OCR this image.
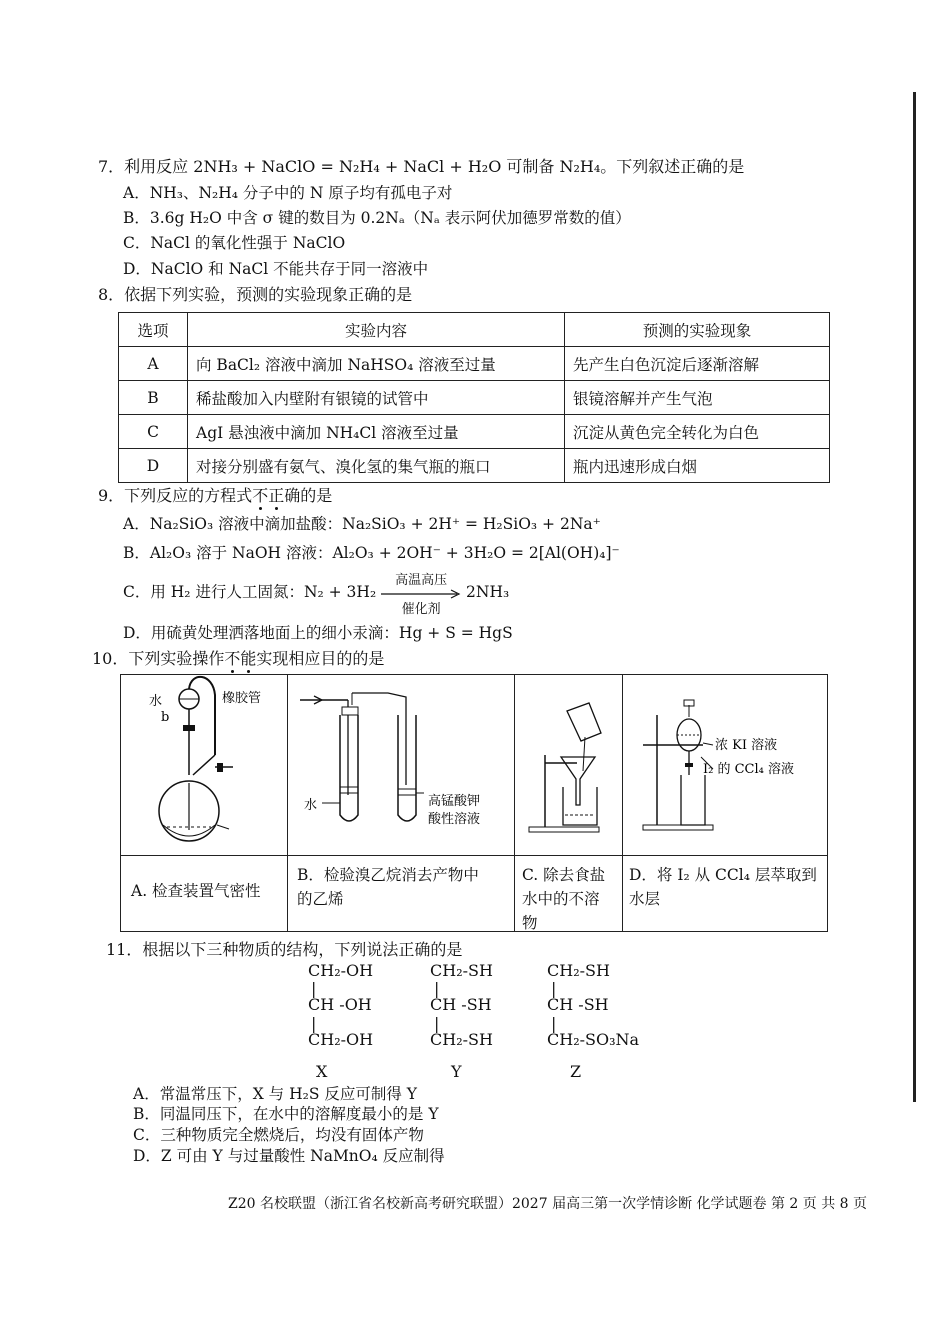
7．利用反应 2NH₃ + NaClO = N₂H₄ + NaCl + H₂O 可制备 N₂H₄。下列叙述正确的是
A．NH₃、N₂H₄ 分子中的 N 原子均有孤电子对
B．3.6g H₂O 中含 σ 键的数目为 0.2Nₐ（Nₐ 表示阿伏加德罗常数的值）
C．NaCl 的氧化性强于 NaClO
D．NaClO 和 NaCl 不能共存于同一溶液中
8．依据下列实验，预测的实验现象正确的是
选项	实验内容	预测的实验现象
A	向 BaCl₂ 溶液中滴加 NaHSO₄ 溶液至过量	先产生白色沉淀后逐渐溶解
B	稀盐酸加入内壁附有银镜的试管中	银镜溶解并产生气泡
C	AgI 悬浊液中滴加 NH₄Cl 溶液至过量	沉淀从黄色完全转化为白色
D	对接分别盛有氨气、溴化氢的集气瓶的瓶口	瓶内迅速形成白烟
9．下列反应的方程式不正确的是
A．Na₂SiO₃ 溶液中滴加盐酸：Na₂SiO₃ + 2H⁺ = H₂SiO₃ + 2Na⁺
B．Al₂O₃ 溶于 NaOH 溶液：Al₂O₃ + 2OH⁻ + 3H₂O = 2[Al(OH)₄]⁻
C．用 H₂ 进行人工固氮：N₂ + 3H₂
高温高压
催化剂
2NH₃
D．用硫黄处理洒落地面上的细小汞滴：Hg + S = HgS
10．下列实验操作不能实现相应目的的是
橡胶管
水
b
水	高锰酸钾
酸性溶液
浓 KI 溶液
I₂ 的 CCl₄ 溶液
A. 检查装置气密性
B．检验溴乙烷消去产物中
的乙烯
C. 除去食盐
水中的不溶
物
D．将 I₂ 从 CCl₄ 层萃取到
水层
11．根据以下三种物质的结构，下列说法正确的是
CH₂-OH
|
CH -OH
|
CH₂-OH
X
CH₂-SH
|
CH -SH
|
CH₂-SH
Y
CH₂-SH
|
CH -SH
|
CH₂-SO₃Na
Z
A．常温常压下，X 与 H₂S 反应可制得 Y
B．同温同压下，在水中的溶解度最小的是 Y
C．三种物质完全燃烧后，均没有固体产物
D．Z 可由 Y 与过量酸性 NaMnO₄ 反应制得
Z20 名校联盟（浙江省名校新高考研究联盟）2027 届高三第一次学情诊断 化学试题卷 第 2 页 共 8 页
